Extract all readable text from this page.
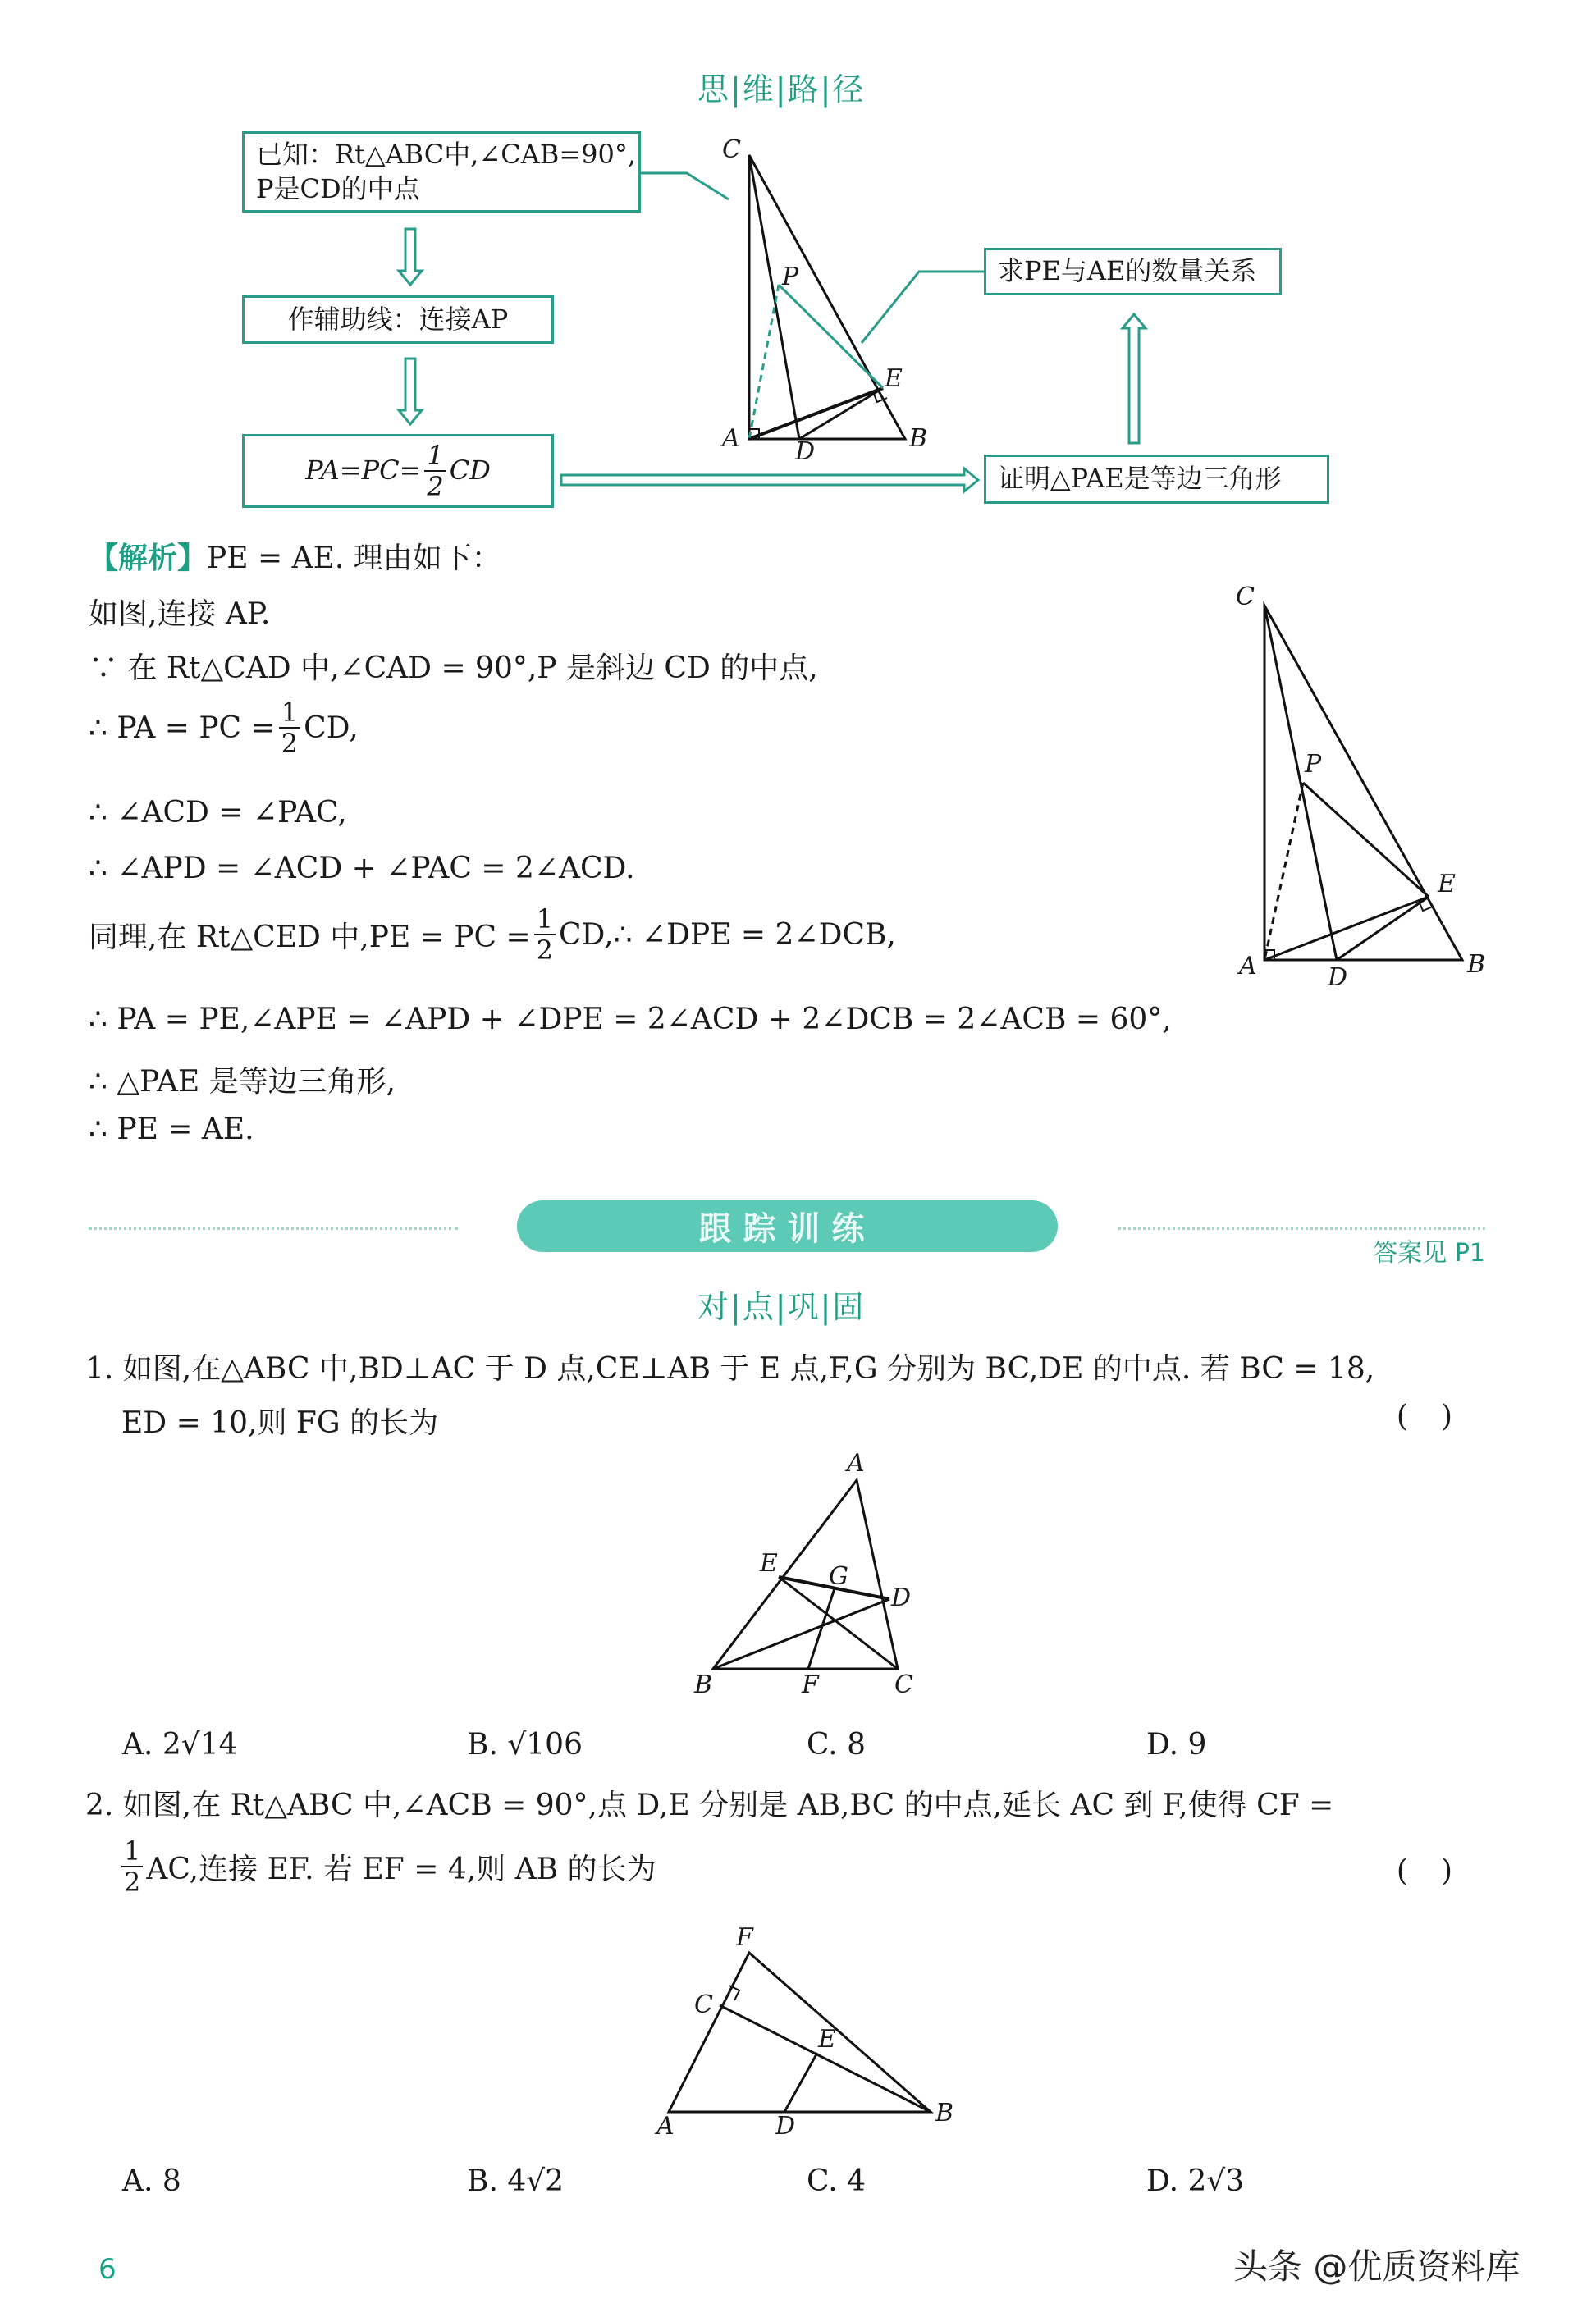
思|维|路|径
已知：Rt△ABC中,∠CAB=90°,
P是CD的中点
作辅助线：连接AP
$PA=PC= \frac{1}{2}$ CD
求PE与AE的数量关系
证明△PAE是等边三角形
C
P
E
A D	B
【解析】 PE = AE. 理由如下：
如图,连接 AP.
∵ 在 Rt△CAD 中,∠CAD = 90°,P 是斜边 CD 的中点,
∴ PA = PC = $\frac{1}{2}$ CD,
∴ ∠ACD = ∠PAC,
∴ ∠APD = ∠ACD + ∠PAC = 2∠ACD.
同理,在 Rt△CED 中,PE = PC = $\frac{1}{2}$ CD,∴ ∠DPE = 2∠DCB,
∴ PA = PE,∠APE = ∠APD + ∠DPE = 2∠ACD + 2∠DCB = 2∠ACB = 60°,
∴ △PAE 是等边三角形,
∴ PE = AE.
C
P
E
A	D	B
跟踪训练
答案见 P1
对|点|巩|固
1. 如图,在△ABC 中,BD⊥AC 于 D 点,CE⊥AB 于 E 点,F,G 分别为 BC,DE 的中点. 若 BC = 18,
ED = 10,则 FG 的长为	()
A
E G
D
B	F	C
A. 2√14	B. √106	C. 8	D. 9
2. 如图,在 Rt△ABC 中,∠ACB = 90°,点 D,E 分别是 AB,BC 的中点,延长 AC 到 F,使得 CF =
$\frac{1}{2}$ AC,连接 EF. 若 EF = 4,则 AB 的长为	()
F
C
E
A	D	B
A. 8	B. 4√2	C. 4	D. 2√3
6	头条 @优质资料库
